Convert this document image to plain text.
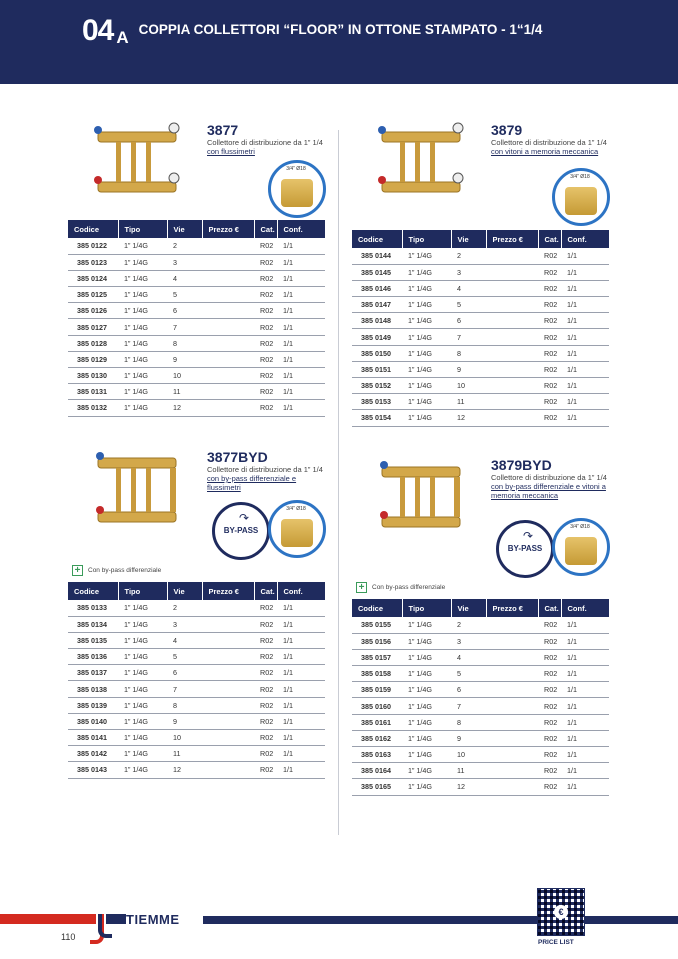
04 A COPPIA COLLETTORI “FLOOR” IN OTTONE STAMPATO - 1“1/4
3877
Collettore di distribuzione da 1” 1/4 con flussimetri
3/4” Ø18
Codice	Tipo	Vie	Prezzo €	Cat.	Conf.
385 0122	1” 1/4G	2		R02	1/1
385 0123	1” 1/4G	3		R02	1/1
385 0124	1” 1/4G	4		R02	1/1
385 0125	1” 1/4G	5		R02	1/1
385 0126	1” 1/4G	6		R02	1/1
385 0127	1” 1/4G	7		R02	1/1
385 0128	1” 1/4G	8		R02	1/1
385 0129	1” 1/4G	9		R02	1/1
385 0130	1” 1/4G	10		R02	1/1
385 0131	1” 1/4G	11		R02	1/1
385 0132	1” 1/4G	12		R02	1/1
3879
Collettore di distribuzione da 1” 1/4 con vitoni a memoria meccanica
3/4” Ø18
Codice	Tipo	Vie	Prezzo €	Cat.	Conf.
385 0144	1” 1/4G	2		R02	1/1
385 0145	1” 1/4G	3		R02	1/1
385 0146	1” 1/4G	4		R02	1/1
385 0147	1” 1/4G	5		R02	1/1
385 0148	1” 1/4G	6		R02	1/1
385 0149	1” 1/4G	7		R02	1/1
385 0150	1” 1/4G	8		R02	1/1
385 0151	1” 1/4G	9		R02	1/1
385 0152	1” 1/4G	10		R02	1/1
385 0153	1” 1/4G	11		R02	1/1
385 0154	1” 1/4G	12		R02	1/1
3877BYD
Collettore di distribuzione da 1” 1/4 con by-pass differenziale e flussimetri
↷
BY-PASS
3/4” Ø18
+	Con by-pass differenziale
Codice	Tipo	Vie	Prezzo €	Cat.	Conf.
385 0133	1” 1/4G	2		R02	1/1
385 0134	1” 1/4G	3		R02	1/1
385 0135	1” 1/4G	4		R02	1/1
385 0136	1” 1/4G	5		R02	1/1
385 0137	1” 1/4G	6		R02	1/1
385 0138	1” 1/4G	7		R02	1/1
385 0139	1” 1/4G	8		R02	1/1
385 0140	1” 1/4G	9		R02	1/1
385 0141	1” 1/4G	10		R02	1/1
385 0142	1” 1/4G	11		R02	1/1
385 0143	1” 1/4G	12		R02	1/1
3879BYD
Collettore di distribuzione da 1” 1/4 con by-pass differenziale e vitoni a memoria meccanica
↷
BY-PASS
3/4” Ø18
+	Con by-pass differenziale
Codice	Tipo	Vie	Prezzo €	Cat.	Conf.
385 0155	1” 1/4G	2		R02	1/1
385 0156	1” 1/4G	3		R02	1/1
385 0157	1” 1/4G	4		R02	1/1
385 0158	1” 1/4G	5		R02	1/1
385 0159	1” 1/4G	6		R02	1/1
385 0160	1” 1/4G	7		R02	1/1
385 0161	1” 1/4G	8		R02	1/1
385 0162	1” 1/4G	9		R02	1/1
385 0163	1” 1/4G	10		R02	1/1
385 0164	1” 1/4G	11		R02	1/1
385 0165	1” 1/4G	12		R02	1/1
TIEMME
110
€
PRICE LIST
